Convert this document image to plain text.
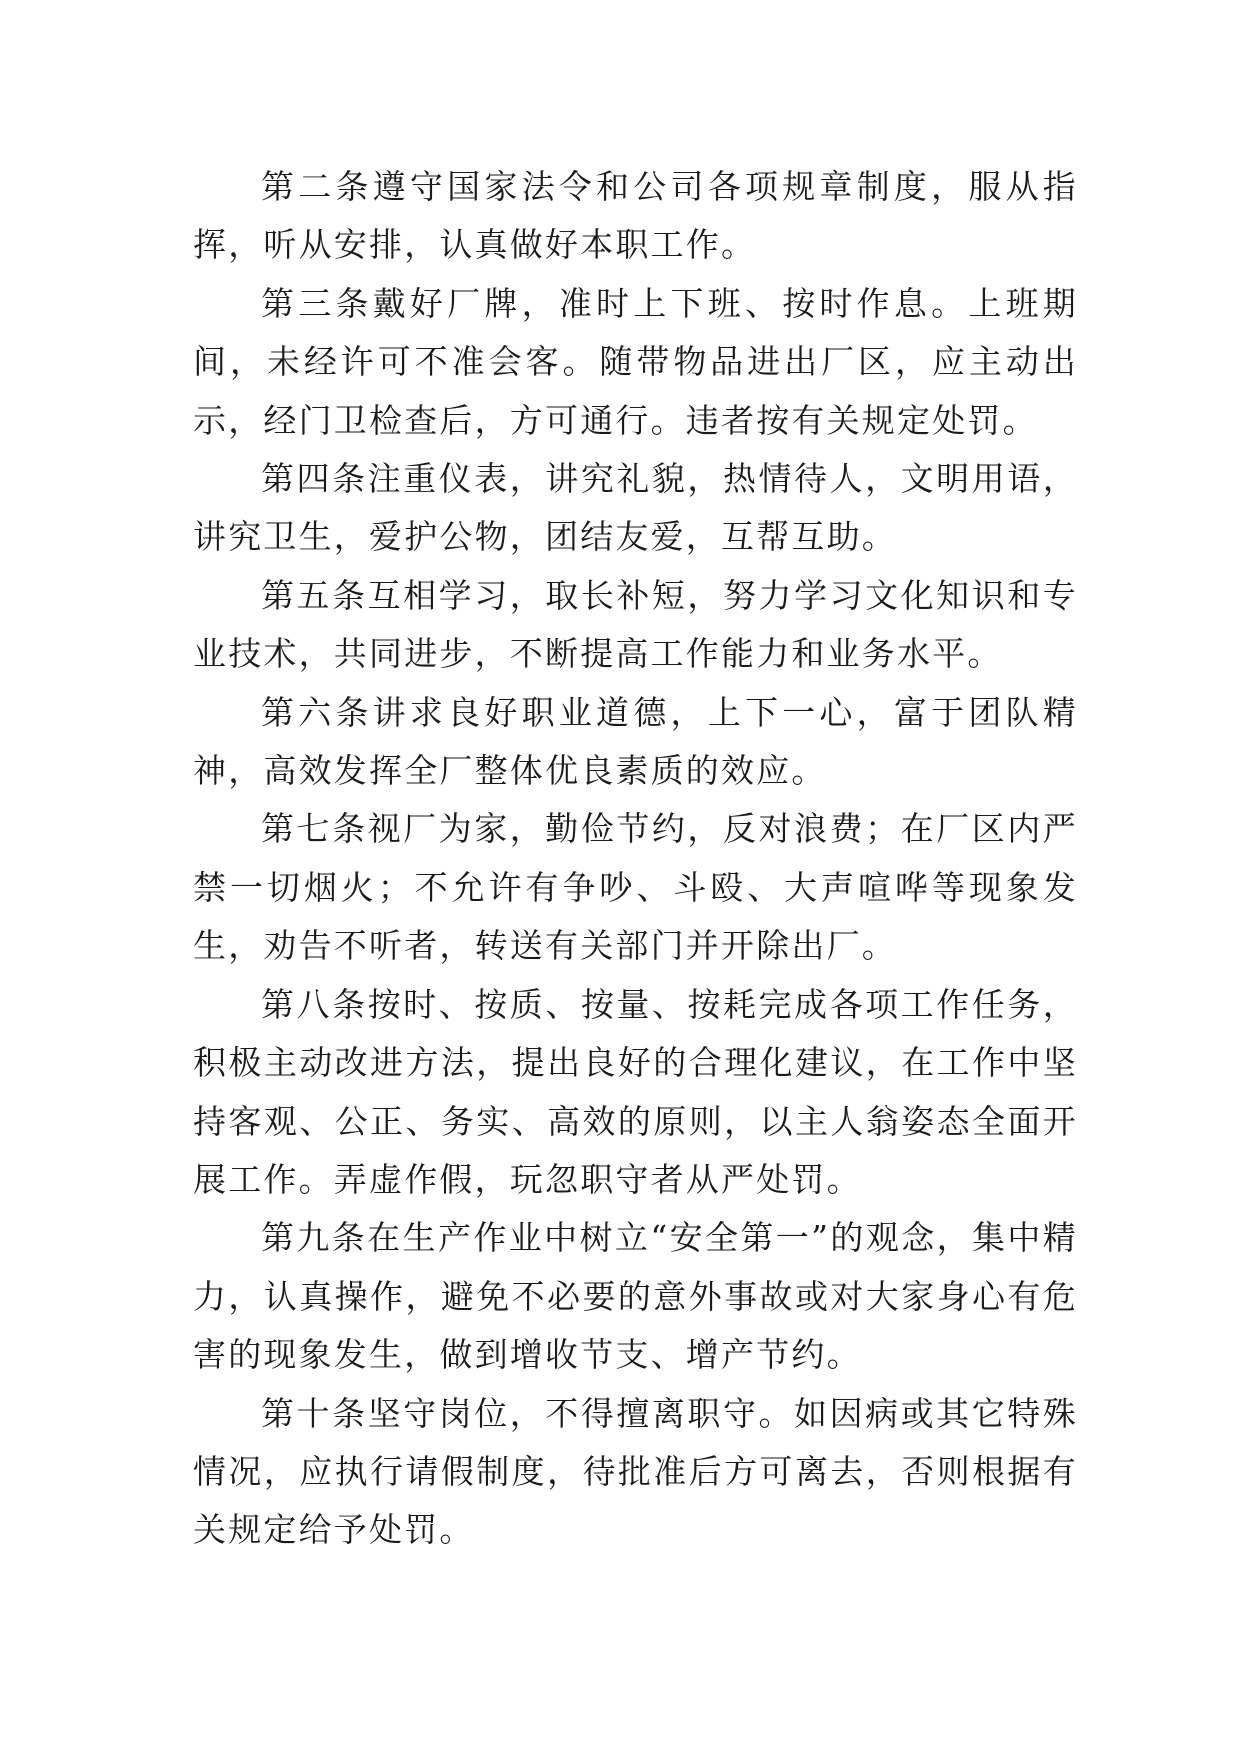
第二条遵守国家法令和公司各项规章制度，服从指挥，听从安排，认真做好本职工作。

第三条戴好厂牌，准时上下班、按时作息。上班期间，未经许可不准会客。随带物品进出厂区，应主动出示，经门卫检查后，方可通行。违者按有关规定处罚。

第四条注重仪表，讲究礼貌，热情待人，文明用语，讲究卫生，爱护公物，团结友爱，互帮互助。

第五条互相学习，取长补短，努力学习文化知识和专业技术，共同进步，不断提高工作能力和业务水平。

第六条讲求良好职业道德，上下一心，富于团队精神，高效发挥全厂整体优良素质的效应。

第七条视厂为家，勤俭节约，反对浪费；在厂区内严禁一切烟火；不允许有争吵、斗殴、大声喧哗等现象发生，劝告不听者，转送有关部门并开除出厂。

第八条按时、按质、按量、按耗完成各项工作任务，积极主动改进方法，提出良好的合理化建议，在工作中坚持客观、公正、务实、高效的原则，以主人翁姿态全面开展工作。弄虚作假，玩忽职守者从严处罚。

第九条在生产作业中树立“安全第一”的观念，集中精力，认真操作，避免不必要的意外事故或对大家身心有危害的现象发生，做到增收节支、增产节约。

第十条坚守岗位，不得擅离职守。如因病或其它特殊情况，应执行请假制度，待批准后方可离去，否则根据有关规定给予处罚。
